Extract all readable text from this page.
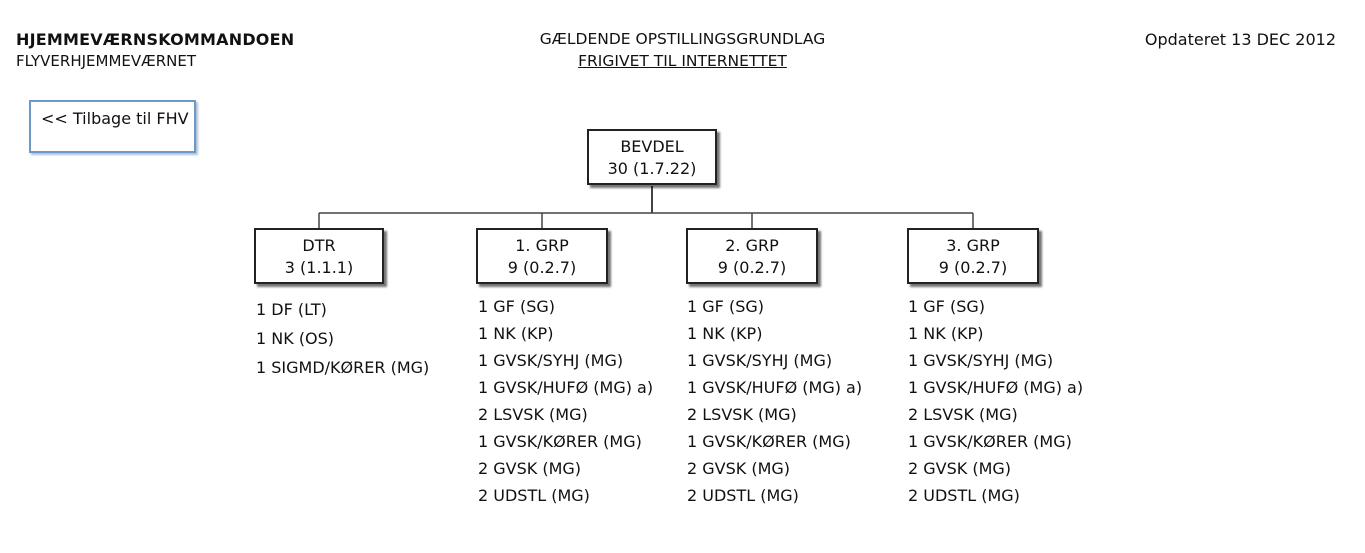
HJEMMEVÆRNSKOMMANDOEN
FLYVERHJEMMEVÆRNET
GÆLDENDE OPSTILLINGSGRUNDLAG
FRIGIVET TIL INTERNETTET
Opdateret 13 DEC 2012
<< Tilbage til FHV
BEVDEL
30 (1.7.22)
DTR
3 (1.1.1)
1 DF (LT)
1 NK (OS)
1 SIGMD/KØRER (MG)
1. GRP
9 (0.2.7)
1 GF (SG)
1 NK (KP)
1 GVSK/SYHJ (MG)
1 GVSK/HUFØ (MG) a)
2 LSVSK (MG)
1 GVSK/KØRER (MG)
2 GVSK (MG)
2 UDSTL (MG)
2. GRP
9 (0.2.7)
1 GF (SG)
1 NK (KP)
1 GVSK/SYHJ (MG)
1 GVSK/HUFØ (MG) a)
2 LSVSK (MG)
1 GVSK/KØRER (MG)
2 GVSK (MG)
2 UDSTL (MG)
3. GRP
9 (0.2.7)
1 GF (SG)
1 NK (KP)
1 GVSK/SYHJ (MG)
1 GVSK/HUFØ (MG) a)
2 LSVSK (MG)
1 GVSK/KØRER (MG)
2 GVSK (MG)
2 UDSTL (MG)
